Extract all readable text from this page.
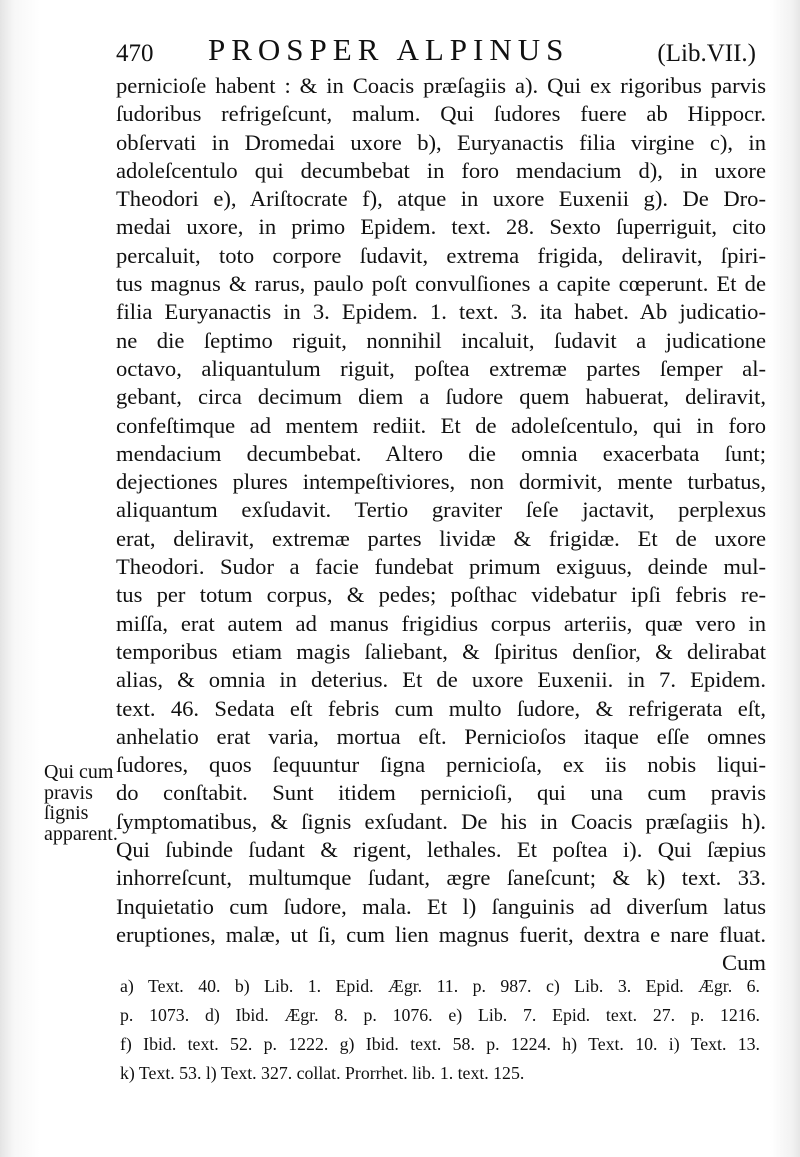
470 PROSPER ALPINUS	(Lib.VII.)
Qui cum
pravis
ſignis
apparent.
pernicioſe habent : & in Coacis præſagiis a). Qui ex rigoribus parvis
ſudoribus refrigeſcunt, malum. Qui ſudores fuere ab Hippocr.
obſervati in Dromedai uxore b), Euryanactis filia virgine c), in
adoleſcentulo qui decumbebat in foro mendacium d), in uxore
Theodori e), Ariſtocrate f), atque in uxore Euxenii g). De Dro-
medai uxore, in primo Epidem. text. 28. Sexto ſuperriguit, cito
percaluit, toto corpore ſudavit, extrema frigida, deliravit, ſpiri-
tus magnus & rarus, paulo poſt convulſiones a capite cœperunt. Et de
filia Euryanactis in 3. Epidem. 1. text. 3. ita habet. Ab judicatio-
ne die ſeptimo riguit, nonnihil incaluit, ſudavit a judicatione
octavo, aliquantulum riguit, poſtea extremæ partes ſemper al-
gebant, circa decimum diem a ſudore quem habuerat, deliravit,
confeſtimque ad mentem rediit. Et de adoleſcentulo, qui in foro
mendacium decumbebat. Altero die omnia exacerbata ſunt;
dejectiones plures intempeſtiviores, non dormivit, mente turbatus,
aliquantum exſudavit. Tertio graviter ſeſe jactavit, perplexus
erat, deliravit, extremæ partes lividæ & frigidæ. Et de uxore
Theodori. Sudor a facie fundebat primum exiguus, deinde mul-
tus per totum corpus, & pedes; poſthac videbatur ipſi febris re-
miſſa, erat autem ad manus frigidius corpus arteriis, quæ vero in
temporibus etiam magis ſaliebant, & ſpiritus denſior, & delirabat
alias, & omnia in deterius. Et de uxore Euxenii. in 7. Epidem.
text. 46. Sedata eſt febris cum multo ſudore, & refrigerata eſt,
anhelatio erat varia, mortua eſt. Pernicioſos itaque eſſe omnes
ſudores, quos ſequuntur ſigna pernicioſa, ex iis nobis liqui-
do conſtabit. Sunt itidem pernicioſi, qui una cum pravis
ſymptomatibus, & ſignis exſudant. De his in Coacis præſagiis h).
Qui ſubinde ſudant & rigent, lethales. Et poſtea i). Qui ſæpius
inhorreſcunt, multumque ſudant, ægre ſaneſcunt; & k) text. 33.
Inquietatio cum ſudore, mala. Et l) ſanguinis ad diverſum latus
eruptiones, malæ, ut ſi, cum lien magnus fuerit, dextra e nare fluat.
Cum
a) Text. 40. b) Lib. 1. Epid. Ægr. 11. p. 987. c) Lib. 3. Epid. Ægr. 6.
p. 1073. d) Ibid. Ægr. 8. p. 1076. e) Lib. 7. Epid. text. 27. p. 1216.
f) Ibid. text. 52. p. 1222. g) Ibid. text. 58. p. 1224. h) Text. 10. i) Text. 13.
k) Text. 53. l) Text. 327. collat. Prorrhet. lib. 1. text. 125.
